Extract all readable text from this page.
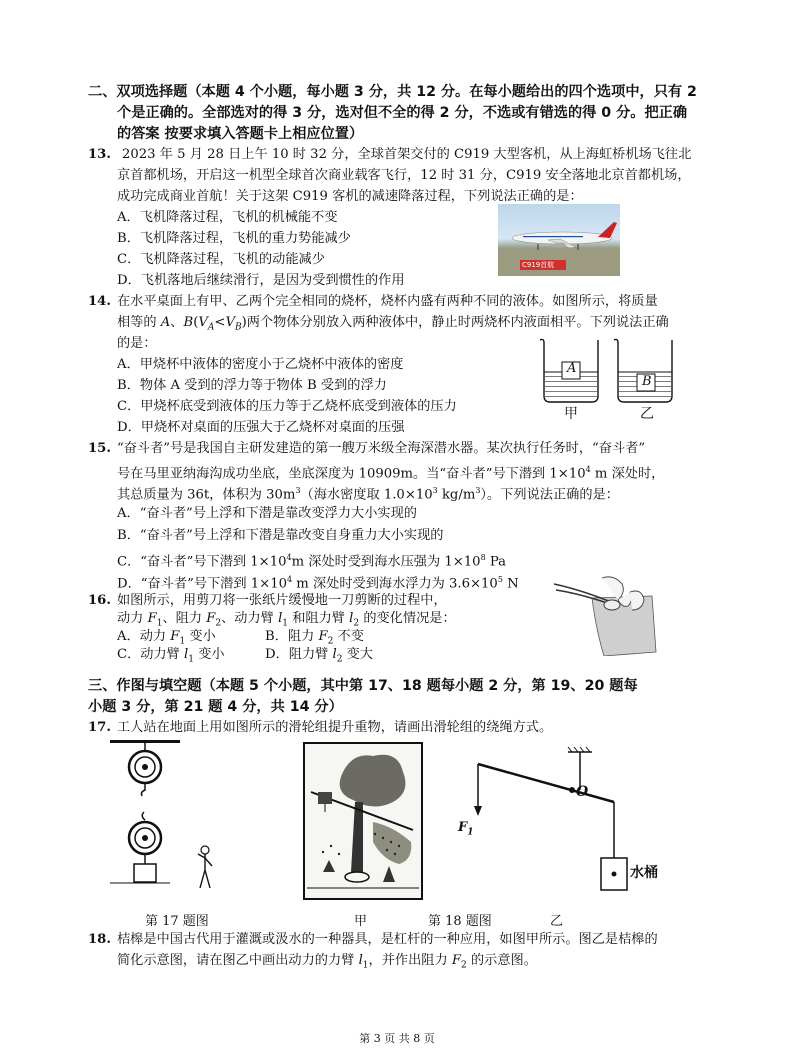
二、双项选择题（本题 4 个小题，每小题 3 分，共 12 分。在每小题给出的四个选项中，只有 2
个是正确的。全部选对的得 3 分，选对但不全的得 2 分，不选或有错选的得 0 分。把正确
的答案 按要求填入答题卡上相应位置）
13. 2023 年 5 月 28 日上午 10 时 32 分，全球首架交付的 C919 大型客机，从上海虹桥机场飞往北
京首都机场，开启这一机型全球首次商业载客飞行，12 时 31 分，C919 安全落地北京首都机场，
成功完成商业首航！关于这架 C919 客机的减速降落过程，下列说法正确的是：
A．飞机降落过程，飞机的机械能不变
B．飞机降落过程，飞机的重力势能减少
C．飞机降落过程，飞机的动能减少
D．飞机落地后继续滑行，是因为受到惯性的作用
C919首航
14. 在水平桌面上有甲、乙两个完全相同的烧杯，烧杯内盛有两种不同的液体。如图所示，将质量
相等的 A、$B(V_A<V_B)$两个物体分别放入两种液体中，静止时两烧杯内液面相平。下列说法正确
的是：
A．甲烧杯中液体的密度小于乙烧杯中液体的密度
B．物体 A 受到的浮力等于物体 B 受到的浮力
C．甲烧杯底受到液体的压力等于乙烧杯底受到液体的压力
D．甲烧杯对桌面的压强大于乙烧杯对桌面的压强
A
B
甲	乙
15. “奋斗者”号是我国自主研发建造的第一艘万米级全海深潜水器。某次执行任务时，“奋斗者”
号在马里亚纳海沟成功坐底，坐底深度为 10909m。当“奋斗者”号下潜到 $1\times 10^4$ m 深处时，
其总质量为 36t，体积为 $30m^3$（海水密度取 $1.0\times 10^3$ $kg/m^3$）。下列说法正确的是：
A．“奋斗者”号上浮和下潜是靠改变浮力大小实现的
B．“奋斗者”号上浮和下潜是靠改变自身重力大小实现的
C．“奋斗者”号下潜到 $1\times 10^4m$ 深处时受到海水压强为 $1\times 10^8$ Pa
D．“奋斗者”号下潜到 $1\times 10^4$ m 深处时受到海水浮力为 $3.6\times 10^5$ N
16. 如图所示，用剪刀将一张纸片缓慢地一刀剪断的过程中，
动力 $F_1$、阻力 $F_2$、动力臂 $l_1$ 和阻力臂 $l_2$ 的变化情况是：
A．动力 $F_1$ 变小	B．阻力 $F_2$ 不变
C．动力臂 $l_1$ 变小	D．阻力臂 $l_2$ 变大
三、作图与填空题（本题 5 个小题，其中第 17、18 题每小题 2 分，第 19、20 题每
小题 3 分，第 21 题 4 分，共 14 分）
17. 工人站在地面上用如图所示的滑轮组提升重物，请画出滑轮组的绕绳方式。
第 17 题图	甲	第 18 题图	乙
O
$F_1$
水桶
18. 桔槔是中国古代用于灌溉或汲水的一种器具，是杠杆的一种应用，如图甲所示。图乙是桔槔的
简化示意图，请在图乙中画出动力的力臂 $l_1$，并作出阻力 $F_2$ 的示意图。
第 3 页 共 8 页
